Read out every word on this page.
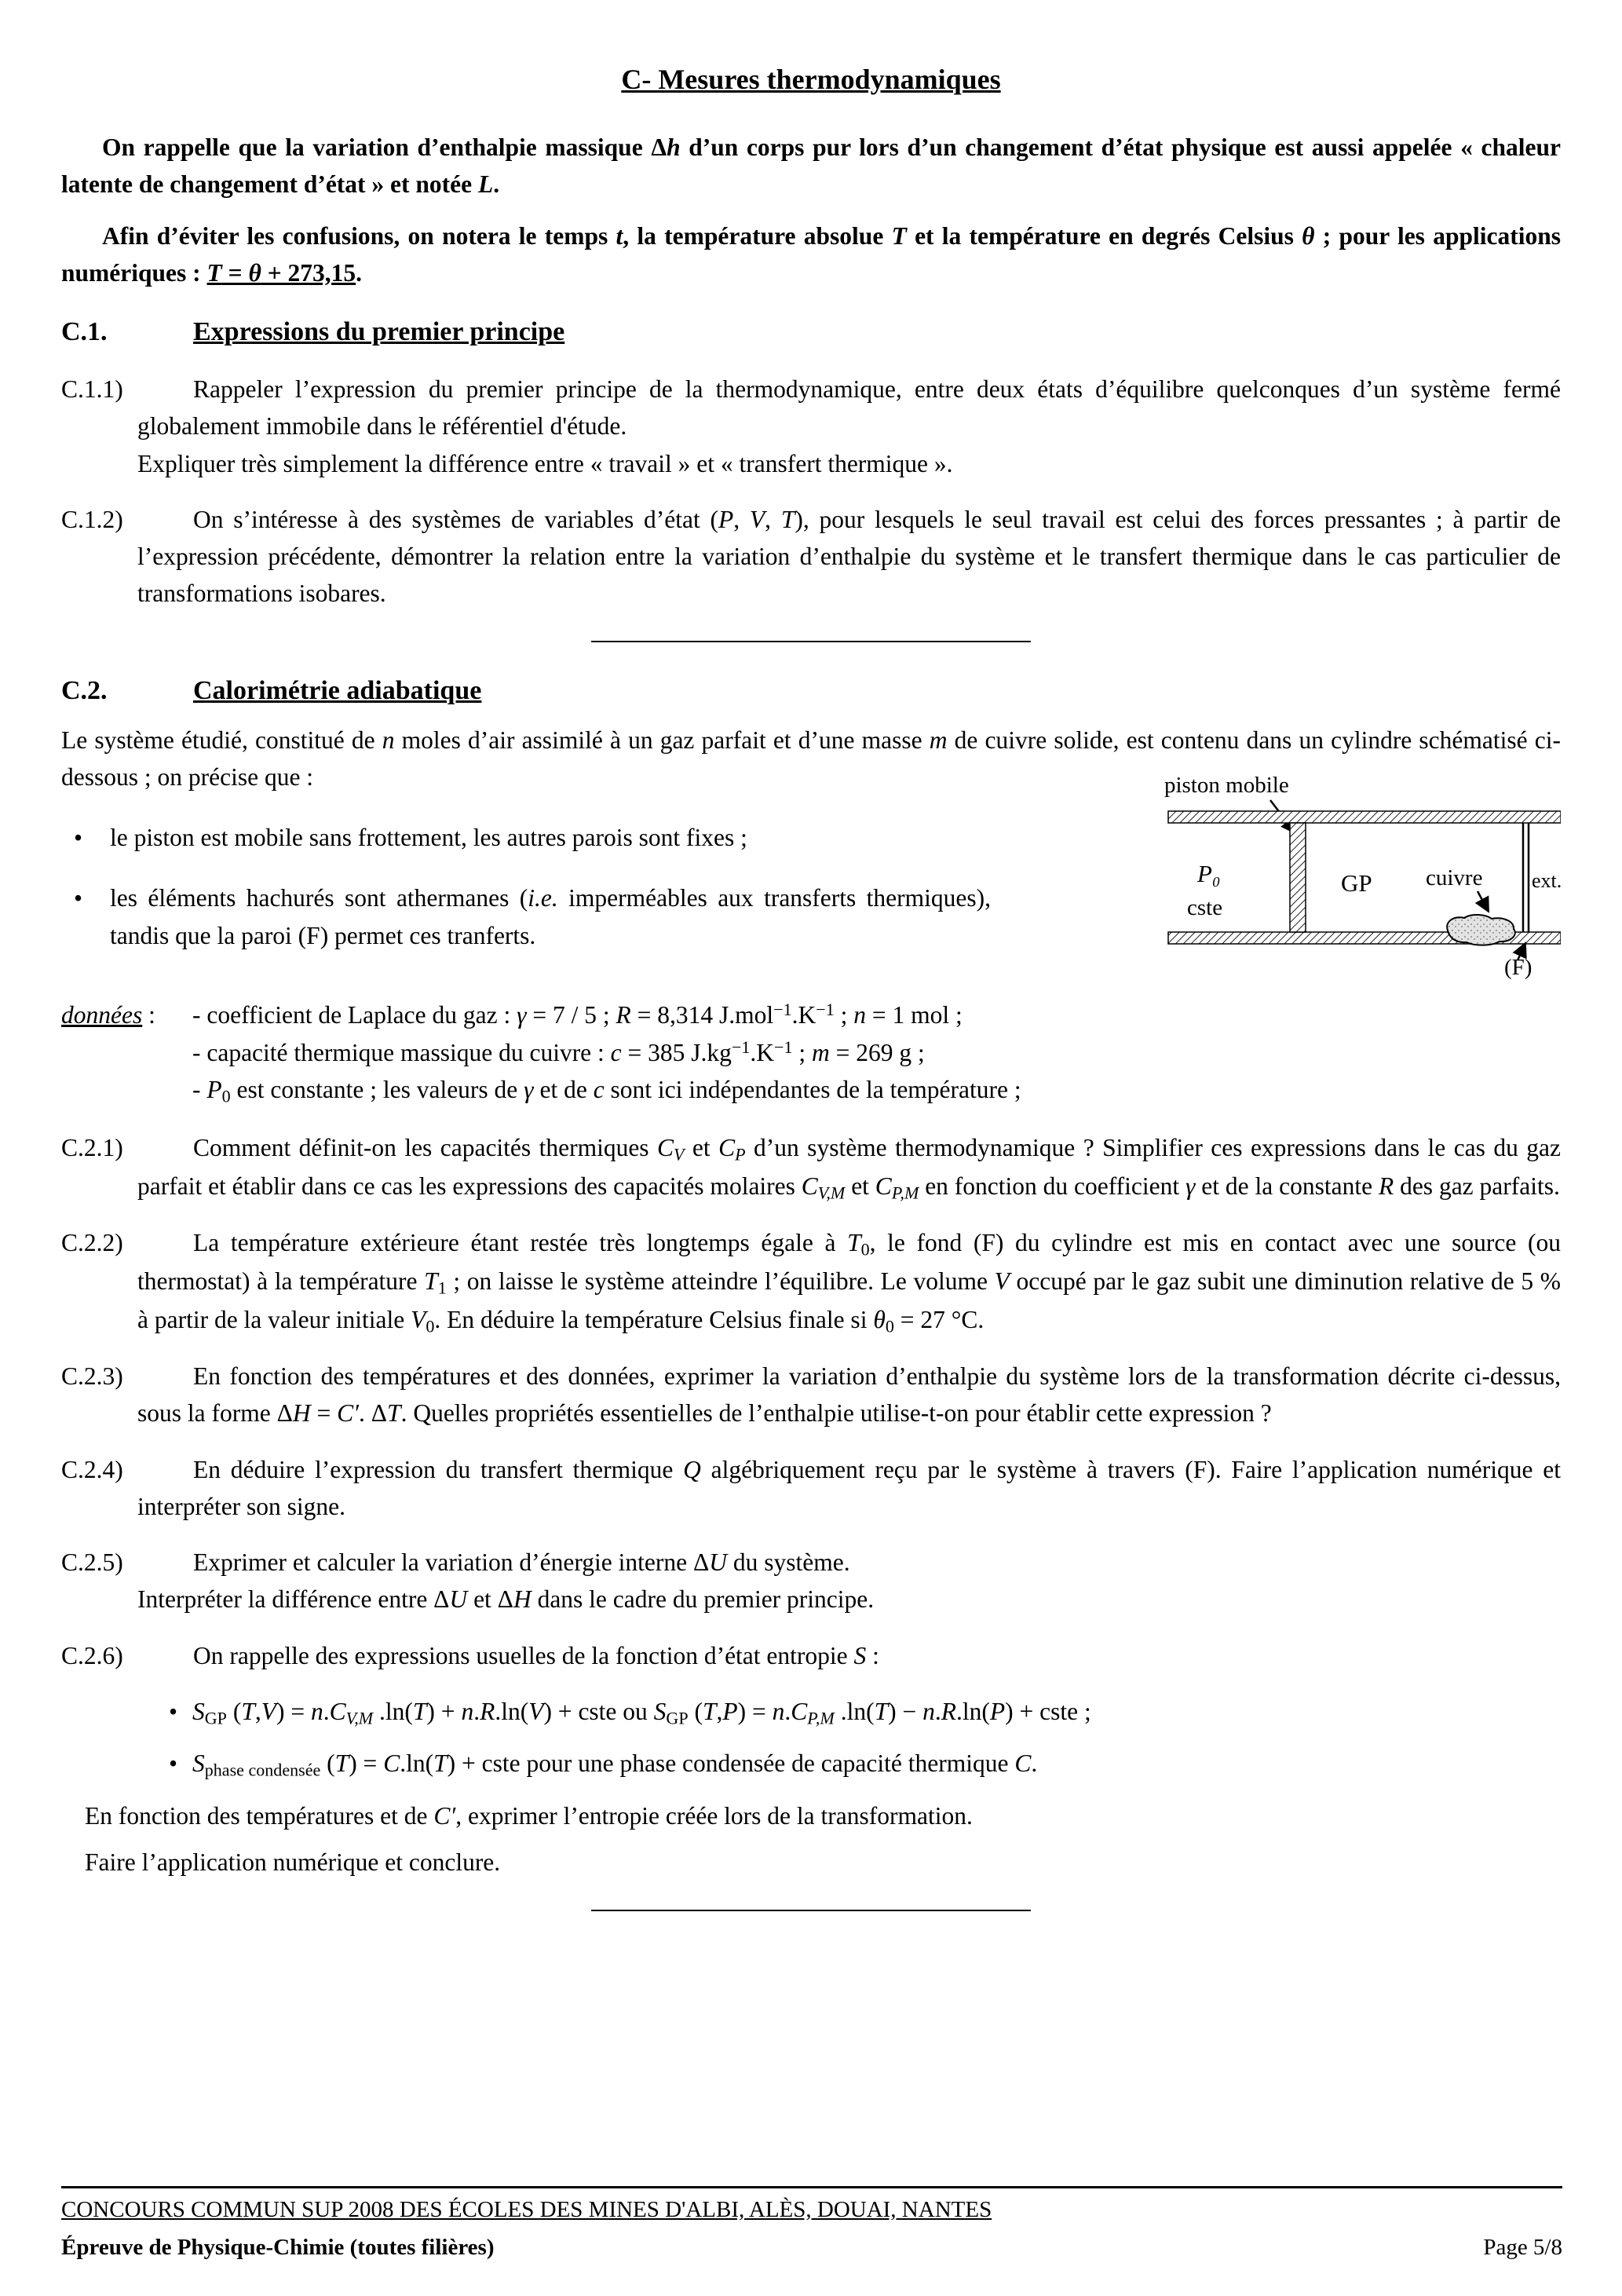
C- Mesures thermodynamiques

On rappelle que la variation d’enthalpie massique Δh d’un corps pur lors d’un changement d’état physique est aussi appelée « chaleur latente de changement d’état » et notée L.

Afin d’éviter les confusions, on notera le temps t, la température absolue T et la température en degrés Celsius θ ; pour les applications numériques : T = θ + 273,15.

C.1.	Expressions du premier principe
C.1.1)	Rappeler l’expression du premier principe de la thermodynamique, entre deux états d’équilibre quelconques d’un système fermé globalement immobile dans le référentiel d'étude.
Expliquer très simplement la différence entre « travail » et « transfert thermique ».
C.1.2)	On s’intéresse à des systèmes de variables d’état (P, V, T), pour lesquels le seul travail est celui des forces pressantes ; à partir de l’expression précédente, démontrer la relation entre la variation d’enthalpie du système et le transfert thermique dans le cas particulier de transformations isobares.
C.2.	Calorimétrie adiabatique

Le système étudié, constitué de n moles d’air assimilé à un gaz parfait et d’une masse m de cuivre solide, est contenu dans un cylindre schématisé ci-dessous ; on précise que :	piston mobile
P₀
cste
GP cuivre ext.
(F)
• le piston est mobile sans frottement, les autres parois sont fixes ;
• les éléments hachurés sont athermanes (i.e. imperméables aux transferts thermiques), tandis que la paroi (F) permet ces tranferts.
données : - coefficient de Laplace du gaz : γ = 7 / 5 ; R = 8,314 $J.mol^{-1}.K^{-1}$ ; n = 1 mol ;
- capacité thermique massique du cuivre : c = 385 $J.kg^{-1}.K^{-1}$ ; m = 269 g ;
- $P_0$ est constante ; les valeurs de γ et de c sont ici indépendantes de la température ;
C.2.1)	Comment définit-on les capacités thermiques CV et CP d’un système thermodynamique ? Simplifier ces expressions dans le cas du gaz parfait et établir dans ce cas les expressions des capacités molaires CV,M et CP,M en fonction du coefficient γ et de la constante R des gaz parfaits.
C.2.2)	La température extérieure étant restée très longtemps égale à $T_0$, le fond (F) du cylindre est mis en contact avec une source (ou thermostat) à la température $T_1$ ; on laisse le système atteindre l’équilibre. Le volume V occupé par le gaz subit une diminution relative de 5 % à partir de la valeur initiale $V_0$. En déduire la température Celsius finale si $\theta_0 = 27$ °C.
C.2.3)	En fonction des températures et des données, exprimer la variation d’enthalpie du système lors de la transformation décrite ci-dessus, sous la forme ΔH = C′. ΔT. Quelles propriétés essentielles de l’enthalpie utilise-t-on pour établir cette expression ?
C.2.4)	En déduire l’expression du transfert thermique Q algébriquement reçu par le système à travers (F). Faire l’application numérique et interpréter son signe.
C.2.5)	Exprimer et calculer la variation d’énergie interne ΔU du système.
Interpréter la différence entre ΔU et ΔH dans le cadre du premier principe.
C.2.6)	On rappelle des expressions usuelles de la fonction d’état entropie S :
• $S_{GP}$ (T,V) = n.CV,M .ln(T) + n.R.ln(V) + cste ou $S_{GP}$ (T,P) = n.CP,M .ln(T) − n.R.ln(P) + cste ;
• $S_{phase condensée}$ (T) = C.ln(T) + cste pour une phase condensée de capacité thermique C.

En fonction des températures et de C′, exprimer l’entropie créée lors de la transformation.

Faire l’application numérique et conclure.

CONCOURS COMMUN SUP 2008 DES ÉCOLES DES MINES D'ALBI, ALÈS, DOUAI, NANTES
Épreuve de Physique-Chimie (toutes filières)	Page 5/8
